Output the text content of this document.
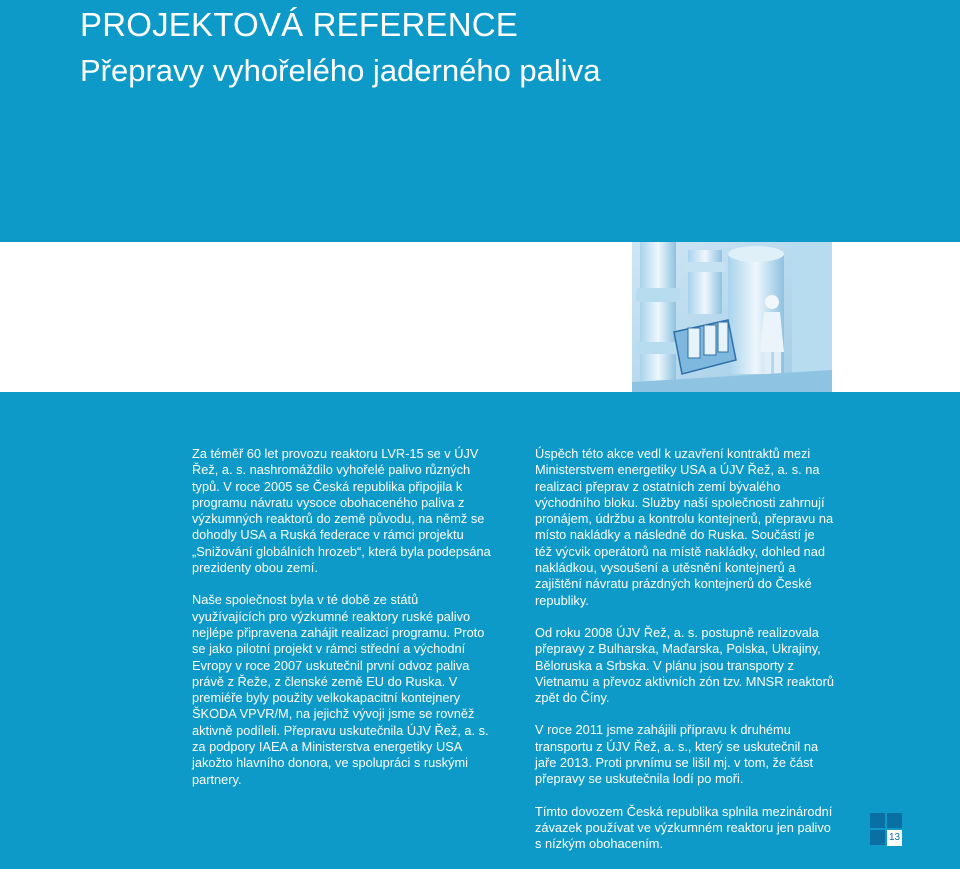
PROJEKTOVÁ REFERENCE
Přepravy vyhořelého jaderného paliva

Za téměř 60 let provozu reaktoru LVR-15 se v ÚJV Řež, a. s. nashromáždilo vyhořelé palivo různých typů. V roce 2005 se Česká republika připojila k programu návratu vysoce obohaceného paliva z výzkumných reaktorů do země původu, na němž se dohodly USA a Ruská federace v rámci projektu „Snižování globálních hrozeb“, která byla podepsána prezidenty obou zemí.

Naše společnost byla v té době ze států využívajících pro výzkumné reaktory ruské palivo nejlépe připravena zahájit realizaci programu. Proto se jako pilotní projekt v rámci střední a východní Evropy v roce 2007 uskutečnil první odvoz paliva právě z Řeže, z členské země EU do Ruska. V premiéře byly použity velkokapacitní kontejnery ŠKODA VPVR/M, na jejichž vývoji jsme se rovněž aktivně podíleli. Přepravu uskutečnila ÚJV Řež, a. s. za podpory IAEA a Ministerstva energetiky USA jakožto hlavního donora, ve spolupráci s ruskými partnery.

Úspěch této akce vedl k uzavření kontraktů mezi Ministerstvem energetiky USA a ÚJV Řež, a. s. na realizaci přeprav z ostatních zemí bývalého východního bloku. Služby naší společnosti zahrnují pronájem, údržbu a kontrolu kontejnerů, přepravu na místo nakládky a následně do Ruska. Součástí je též výcvik operátorů na místě nakládky, dohled nad nakládkou, vysoušení a utěsnění kontejnerů a zajištění návratu prázdných kontejnerů do České republiky.

Od roku 2008 ÚJV Řež, a. s. postupně realizovala přepravy z Bulharska, Maďarska, Polska, Ukrajiny, Běloruska a Srbska. V plánu jsou transporty z Vietnamu a převoz aktivních zón tzv. MNSR reaktorů zpět do Číny.

V roce 2011 jsme zahájili přípravu k druhému transportu z ÚJV Řež, a. s., který se uskutečnil na jaře 2013. Proti prvnímu se lišil mj. v tom, že část přepravy se uskutečnila lodí po moři.

Tímto dovozem Česká republika splnila mezinárodní závazek používat ve výzkumném reaktoru jen palivo s nízkým obohacením.	13
